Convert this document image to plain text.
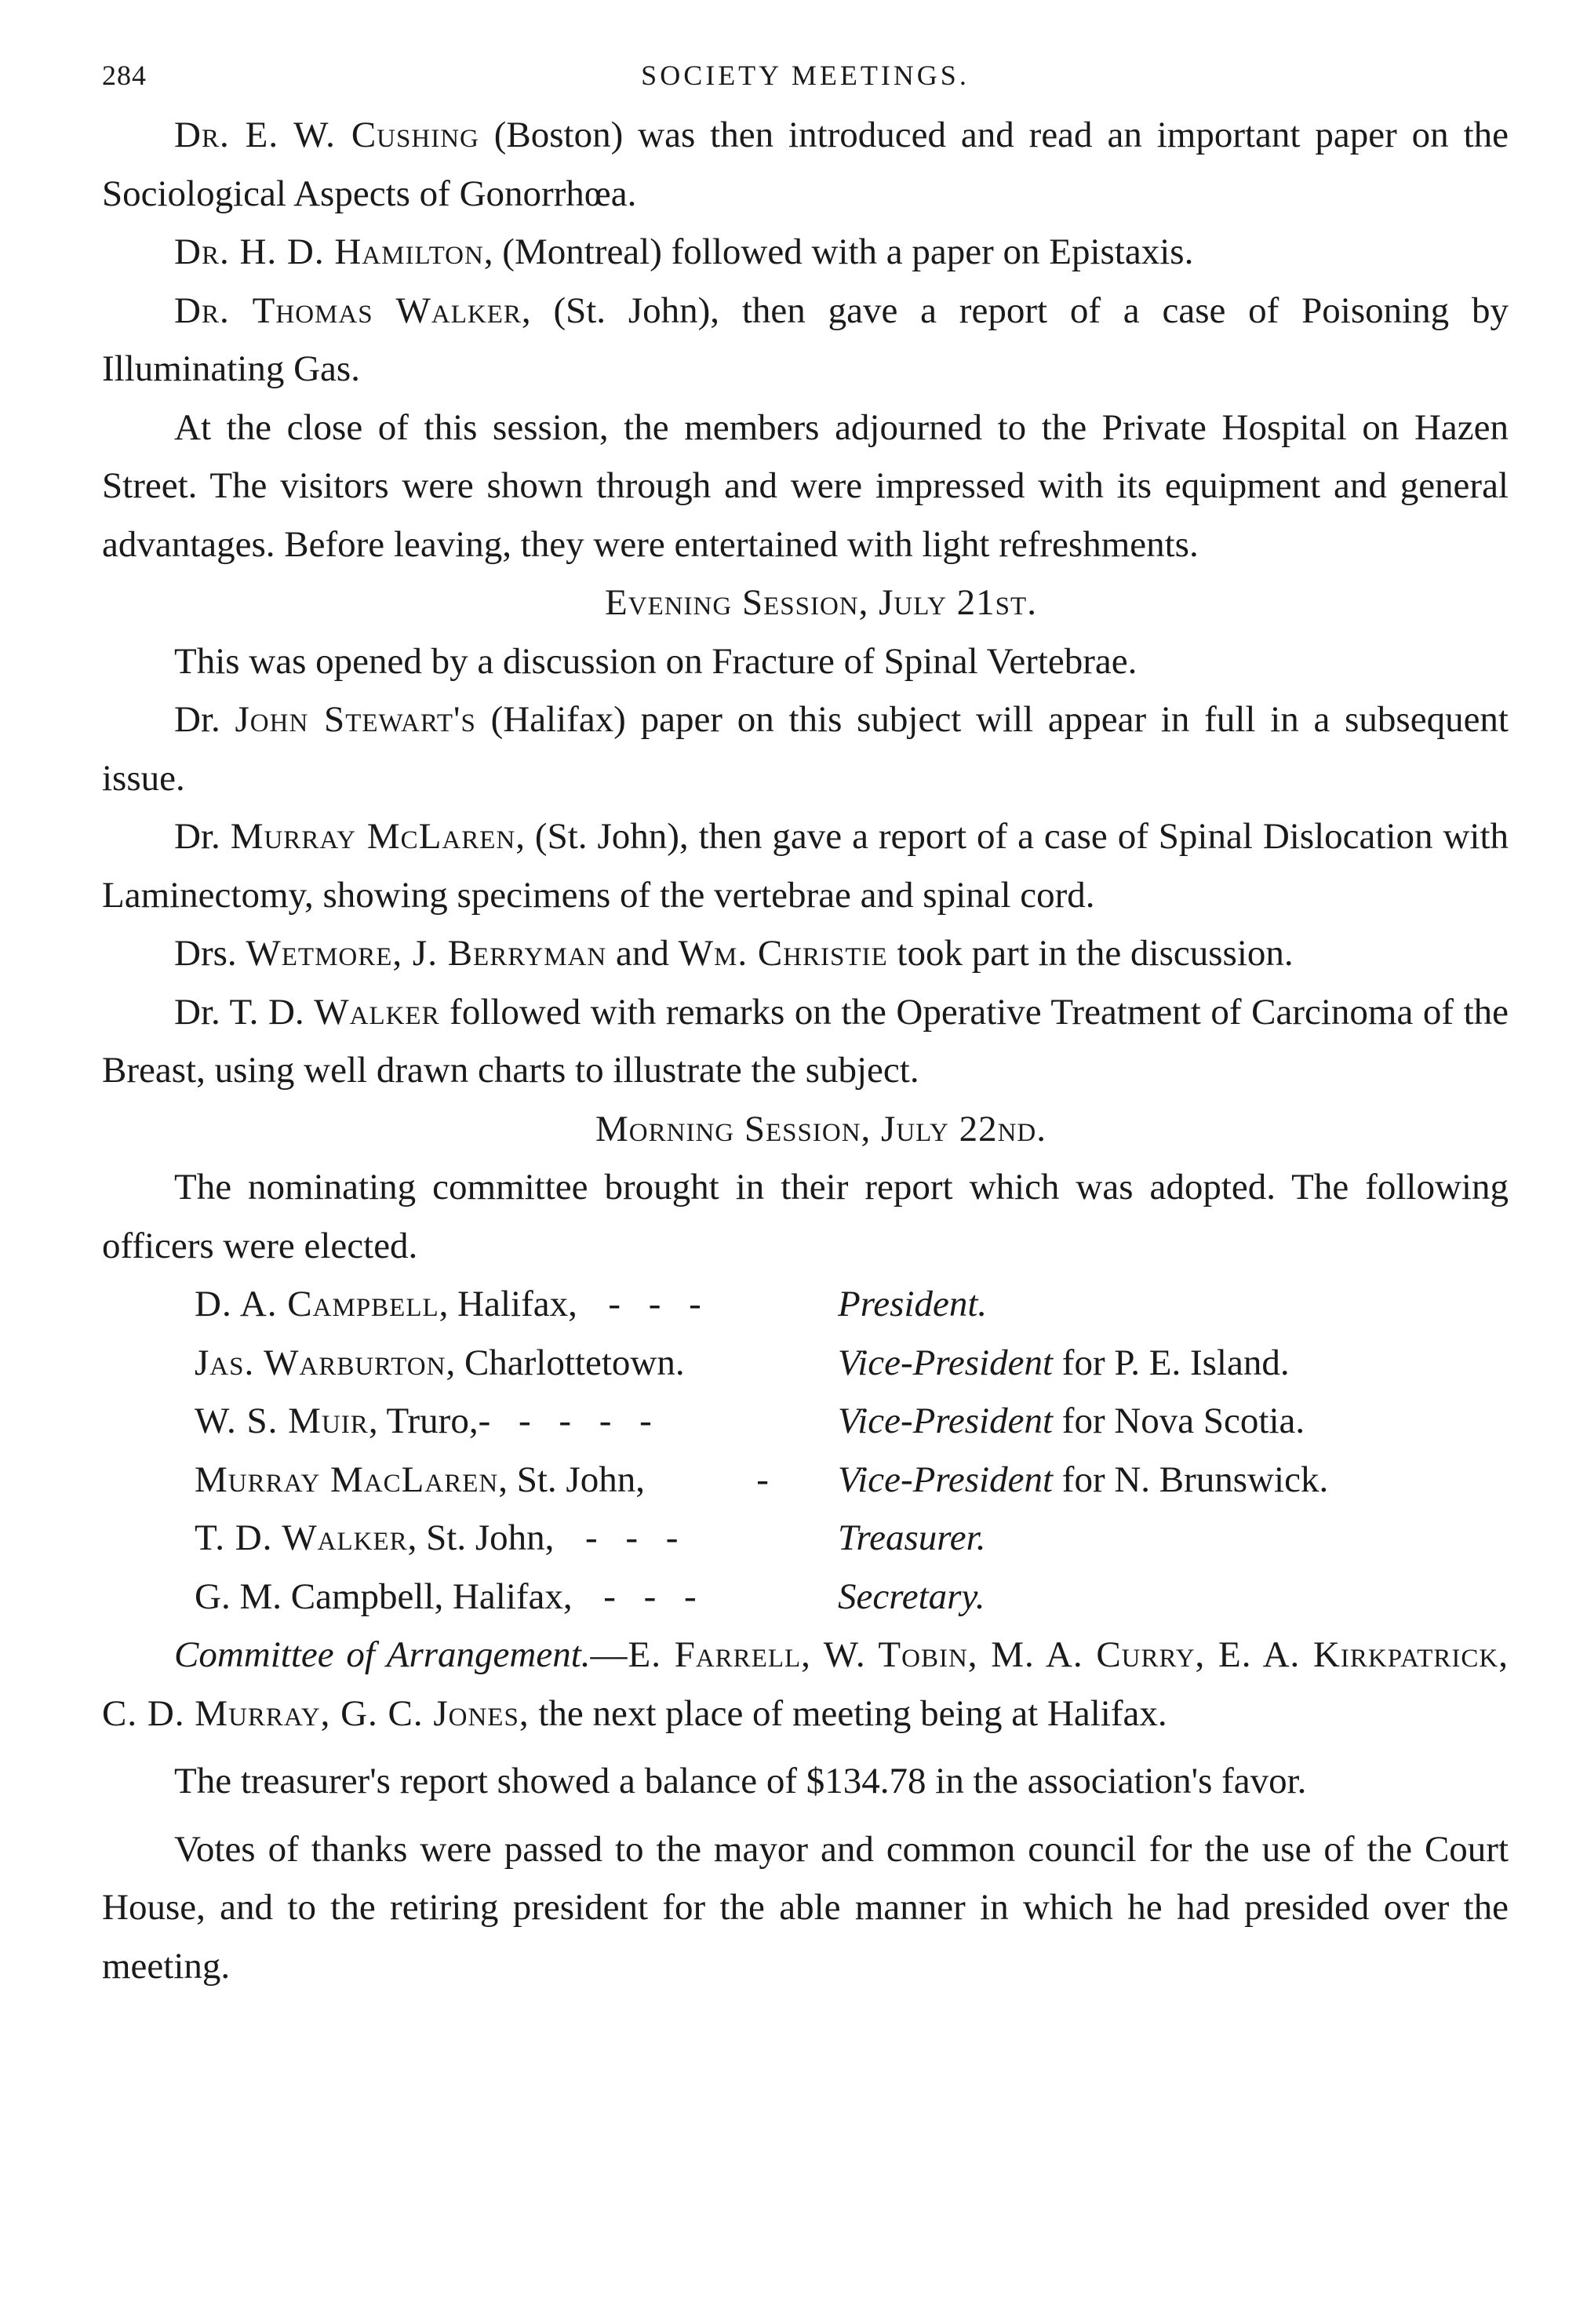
284	SOCIETY MEETINGS.

Dr. E. W. Cushing (Boston) was then introduced and read an important paper on the Sociological Aspects of Gonorrhœa.

Dr. H. D. Hamilton, (Montreal) followed with a paper on Epistaxis.

Dr. Thomas Walker, (St. John), then gave a report of a case of Poisoning by Illuminating Gas.

At the close of this session, the members adjourned to the Private Hospital on Hazen Street. The visitors were shown through and were impressed with its equipment and general advantages. Before leaving, they were entertained with light refreshments.

Evening Session, July 21st.

This was opened by a discussion on Fracture of Spinal Vertebrae.

Dr. John Stewart's (Halifax) paper on this subject will appear in full in a subsequent issue.

Dr. Murray McLaren, (St. John), then gave a report of a case of Spinal Dislocation with Laminectomy, showing specimens of the vertebrae and spinal cord.

Drs. Wetmore, J. Berryman and Wm. Christie took part in the discussion.

Dr. T. D. Walker followed with remarks on the Operative Treatment of Carcinoma of the Breast, using well drawn charts to illustrate the subject.

Morning Session, July 22nd.

The nominating committee brought in their report which was adopted. The following officers were elected.

D. A. Campbell, Halifax, - - -	President.
Jas. Warburton, Charlottetown.	Vice-President for P. E. Island.
W. S. Muir, Truro,- - - - -	Vice-President for Nova Scotia.
Murray MacLaren, St. John,	-	Vice-President for N. Brunswick.
T. D. Walker, St. John, - - -	Treasurer.
G. M. Campbell, Halifax, - - -	Secretary.

Committee of Arrangement.—E. Farrell, W. Tobin, M. A. Curry, E. A. Kirkpatrick, C. D. Murray, G. C. Jones, the next place of meeting being at Halifax.

The treasurer's report showed a balance of $134.78 in the association's favor.

Votes of thanks were passed to the mayor and common council for the use of the Court House, and to the retiring president for the able manner in which he had presided over the meeting.
